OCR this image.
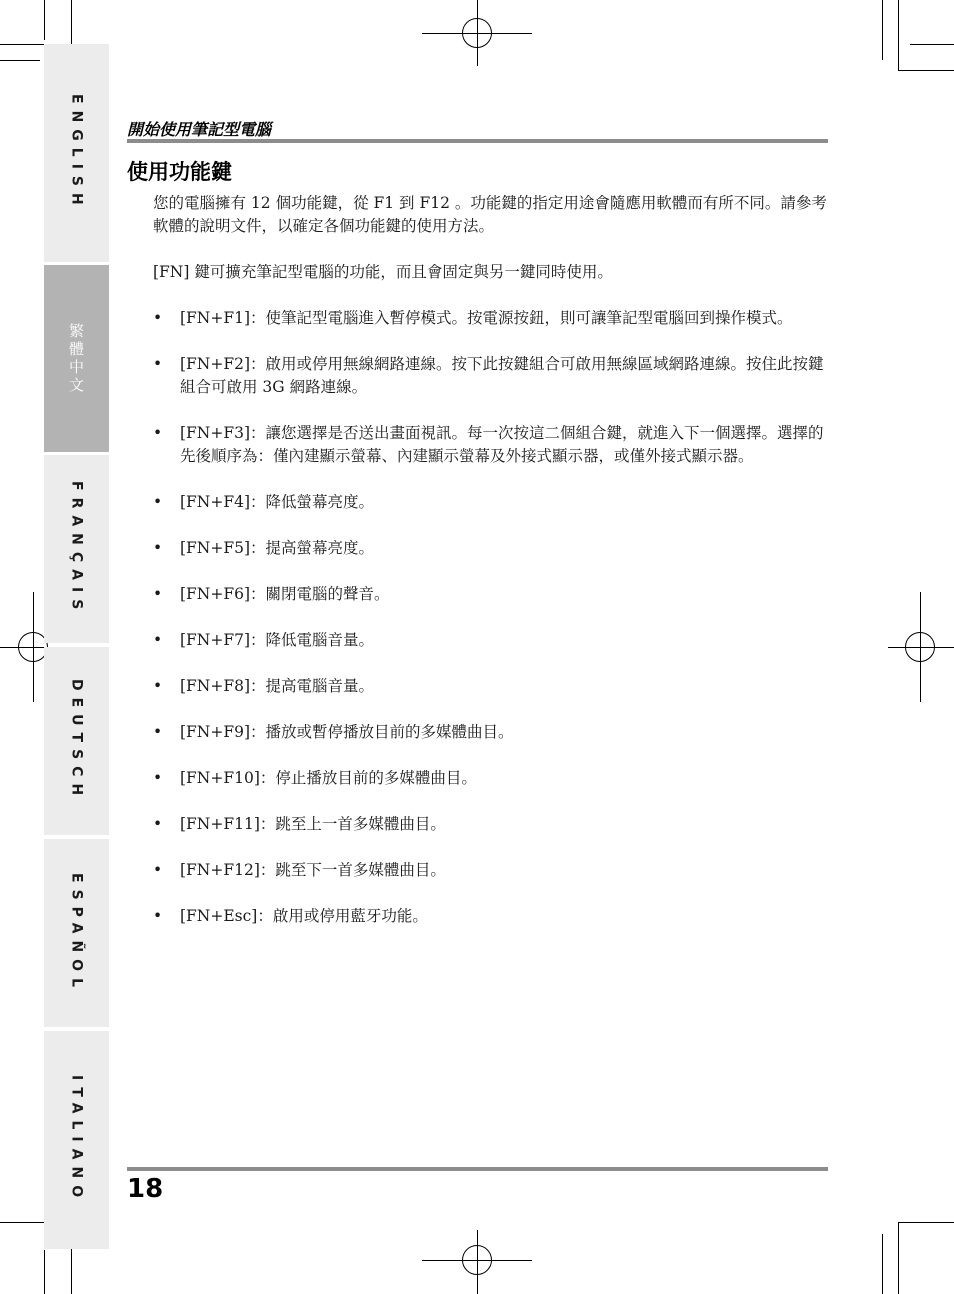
ENGLISH
繁體中文
FRANÇAIS
DEUTSCH
ESPAÑOL
ITALIANO
開始使用筆記型電腦
使用功能鍵

您的電腦擁有 12 個功能鍵，從 F1 到 F12 。功能鍵的指定用途會隨應用軟體而有所不同。請參考軟體的說明文件，以確定各個功能鍵的使用方法。

[FN] 鍵可擴充筆記型電腦的功能，而且會固定與另一鍵同時使用。

• [FN+F1]：使筆記型電腦進入暫停模式。按電源按鈕，則可讓筆記型電腦回到操作模式。
• [FN+F2]：啟用或停用無線網路連線。按下此按鍵組合可啟用無線區域網路連線。按住此按鍵組合可啟用 3G 網路連線。
• [FN+F3]：讓您選擇是否送出畫面視訊。每一次按這二個組合鍵，就進入下一個選擇。選擇的先後順序為：僅內建顯示螢幕、內建顯示螢幕及外接式顯示器，或僅外接式顯示器。
• [FN+F4]：降低螢幕亮度。
• [FN+F5]：提高螢幕亮度。
• [FN+F6]：關閉電腦的聲音。
• [FN+F7]：降低電腦音量。
• [FN+F8]：提高電腦音量。
• [FN+F9]：播放或暫停播放目前的多媒體曲目。
• [FN+F10]：停止播放目前的多媒體曲目。
• [FN+F11]：跳至上一首多媒體曲目。
• [FN+F12]：跳至下一首多媒體曲目。
• [FN+Esc]：啟用或停用藍牙功能。
18
